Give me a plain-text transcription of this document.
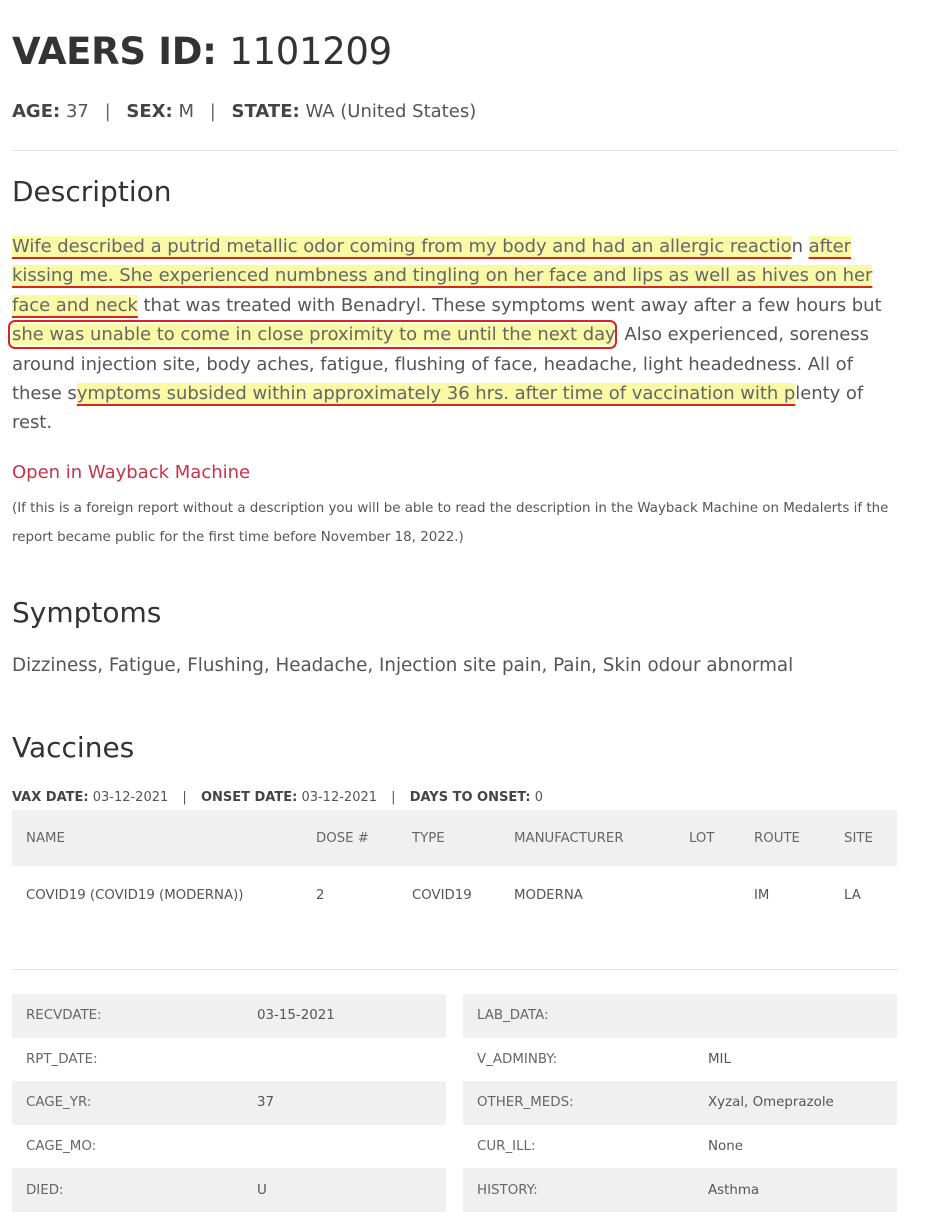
VAERS ID: 1101209
AGE: 37 | SEX: M | STATE: WA (United States)
Description
Wife described a putrid metallic odor coming from my body and had an allergic reaction after kissing me. She experienced numbness and tingling on her face and lips as well as hives on her face and neck that was treated with Benadryl. These symptoms went away after a few hours but she was unable to come in close proximity to me until the next day. Also experienced, soreness around injection site, body aches, fatigue, flushing of face, headache, light headedness. All of these symptoms subsided within approximately 36 hrs. after time of vaccination with plenty of rest.
Open in Wayback Machine
(If this is a foreign report without a description you will be able to read the description in the Wayback Machine on Medalerts if the report became public for the first time before November 18, 2022.)
Symptoms
Dizziness, Fatigue, Flushing, Headache, Injection site pain, Pain, Skin odour abnormal
Vaccines
VAX DATE: 03-12-2021 | ONSET DATE: 03-12-2021 | DAYS TO ONSET: 0
NAME	DOSE #	TYPE	MANUFACTURER	LOT	ROUTE	SITE
COVID19 (COVID19 (MODERNA))	2	COVID19	MODERNA		IM	LA
RECVDATE:	03-15-2021
RPT_DATE:
CAGE_YR:	37
CAGE_MO:
DIED:	U
LAB_DATA:
V_ADMINBY:	MIL
OTHER_MEDS:	Xyzal, Omeprazole
CUR_ILL:	None
HISTORY:	Asthma
